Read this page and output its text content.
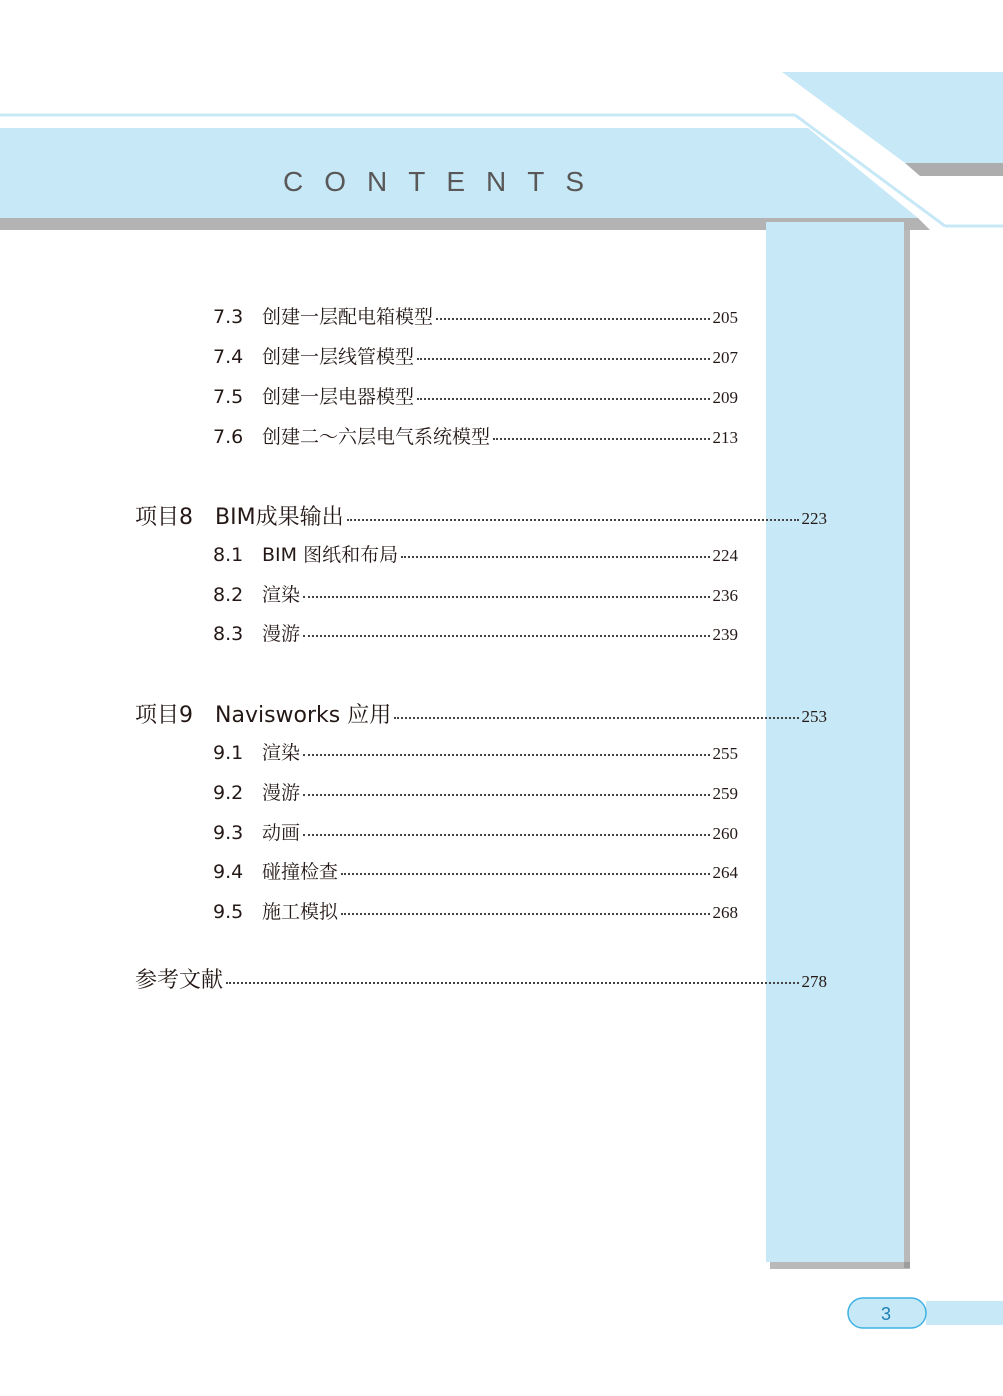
CONTENTS
7.3 创建一层配电箱模型	205
7.4 创建一层线管模型	207
7.5 创建一层电器模型	209
7.6 创建二～六层电气系统模型	213
项目8	BIM成果输出	223
8.1 BIM 图纸和布局	224
8.2 渲染	236
8.3 漫游	239
项目9	Navisworks 应用	253
9.1 渲染	255
9.2 漫游	259
9.3 动画	260
9.4 碰撞检查	264
9.5 施工模拟	268
参考文献	278
3
